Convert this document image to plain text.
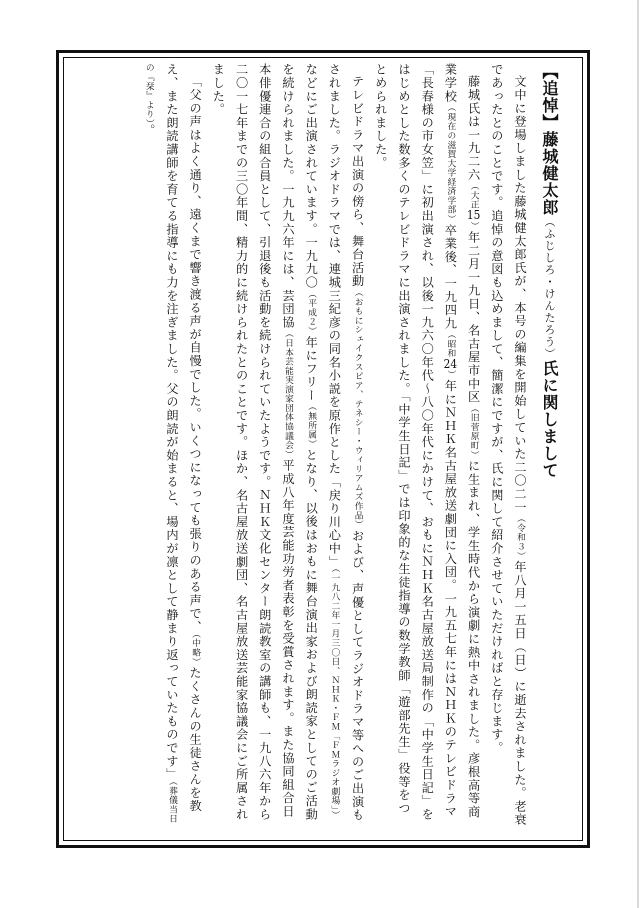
【追悼】藤城健太郎（ふじしろ・けんたろう）氏に関しまして

文中に登場しました藤城健太郎氏が、本号の編集を開始していた二〇二一（令和３）年八月一五日（日）に逝去されました。老衰であったとのことです。追悼の意図も込めまして、簡潔にですが、氏に関して紹介させていただければと存じます。

藤城氏は一九二六（大正15）年二月一九日、名古屋市中区（旧菅原町）に生まれ、学生時代から演劇に熱中されました。彦根高等商業学校（現在の滋賀大学経済学部）卒業後、一九四九（昭和24）年にＮＨＫ名古屋放送劇団に入団。一九五七年にはＮＨＫのテレビドラマ「長春様の市女笠」に初出演され、以後一九六〇年代〜八〇年代にかけて、おもにＮＨＫ名古屋放送局制作の「中学生日記」をはじめとした数多くのテレビドラマに出演されました。「中学生日記」では印象的な生徒指導の数学教師「遊部先生」役等をつとめられました。

テレビドラマ出演の傍ら、舞台活動（おもにシェイクスピア、テネシー・ウィリアムズ作品）および、声優としてラジオドラマ等へのご出演もされました。ラジオドラマでは、連城三紀彦の同名小説を原作とした「戻り川心中」（一九八二年一月三〇日、ＮＨＫ・ＦＭ「ＦＭラジオ劇場」）などにご出演されています。一九九〇（平成２）年にフリー（無所属）となり、以後はおもに舞台演出家および朗読家としてのご活動を続けられました。一九九六年には、芸団協（日本芸能実演家団体協議会）平成八年度芸能功労者表彰を受賞されます。また協同組合日本俳優連合の組合員として、引退後も活動を続けられていたようです。ＮＨＫ文化センター朗読教室の講師も、一九八六年から二〇一七年までの三〇年間、精力的に続けられたとのことです。ほか、名古屋放送劇団、名古屋放送芸能家協議会にご所属されました。

「父の声はよく通り、遠くまで響き渡る声が自慢でした。いくつになっても張りのある声で、（中略）たくさんの生徒さんを教え、また朗読講師を育てる指導にも力を注ぎました。父の朗読が始まると、場内が凛として静まり返っていたものです」（葬儀当日の『栞』より）。
